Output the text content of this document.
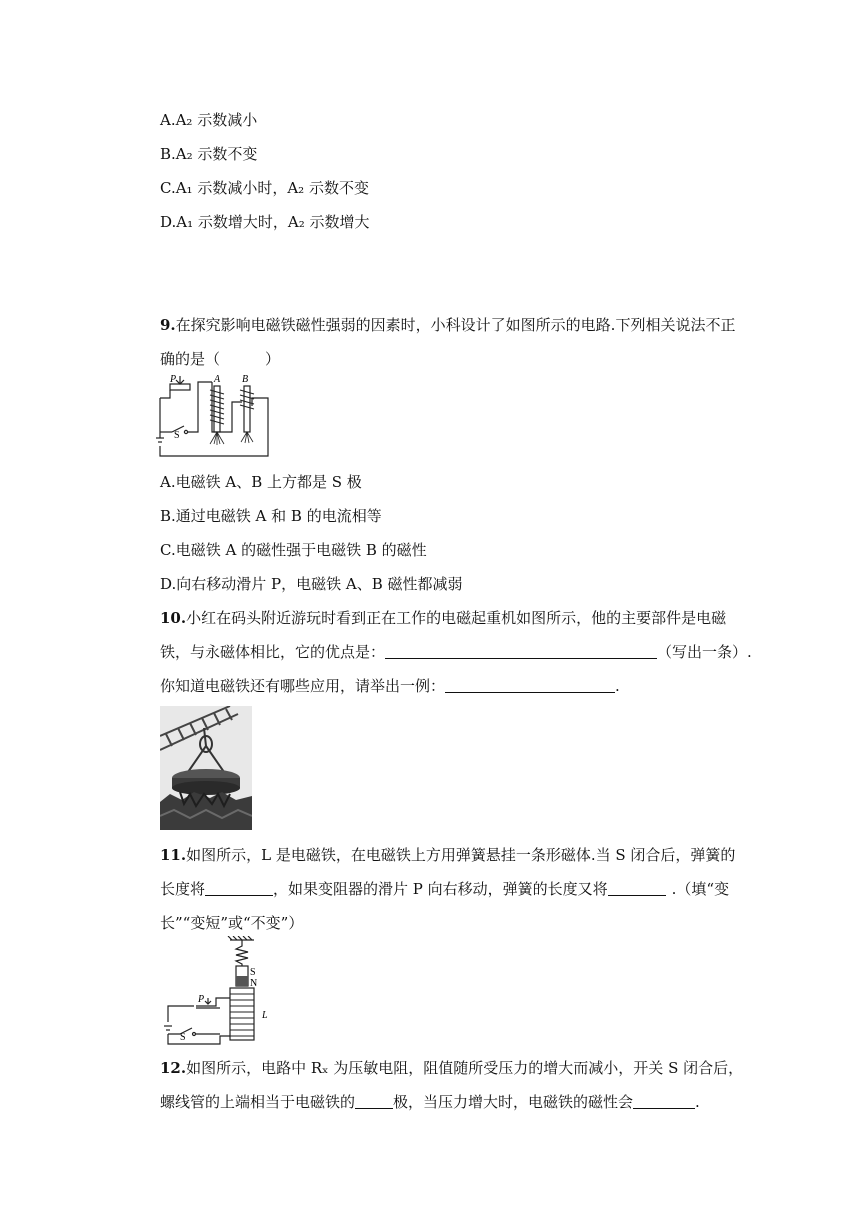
A.A₂ 示数减小
B.A₂ 示数不变
C.A₁ 示数减小时，A₂ 示数不变
D.A₁ 示数增大时，A₂ 示数增大
9.在探究影响电磁铁磁性强弱的因素时，小科设计了如图所示的电路.下列相关说法不正
确的是（　　　）
P	A B
S
A.电磁铁 A、B 上方都是 S 极
B.通过电磁铁 A 和 B 的电流相等
C.电磁铁 A 的磁性强于电磁铁 B 的磁性
D.向右移动滑片 P，电磁铁 A、B 磁性都减弱
10.小红在码头附近游玩时看到正在工作的电磁起重机如图所示，他的主要部件是电磁
铁，与永磁体相比，它的优点是：	（写出一条）.
你知道电磁铁还有哪些应用，请举出一例：	.
11.如图所示，L 是电磁铁，在电磁铁上方用弹簧悬挂一条形磁体.当 S 闭合后，弹簧的
长度将	，如果变阻器的滑片 P 向右移动，弹簧的长度又将	.（填“变
长”“变短”或“不变”）
S
N
P
L
S
12.如图所示，电路中 Rₓ 为压敏电阻，阻值随所受压力的增大而减小，开关 S 闭合后，
螺线管的上端相当于电磁铁的	极，当压力增大时，电磁铁的磁性会	.
